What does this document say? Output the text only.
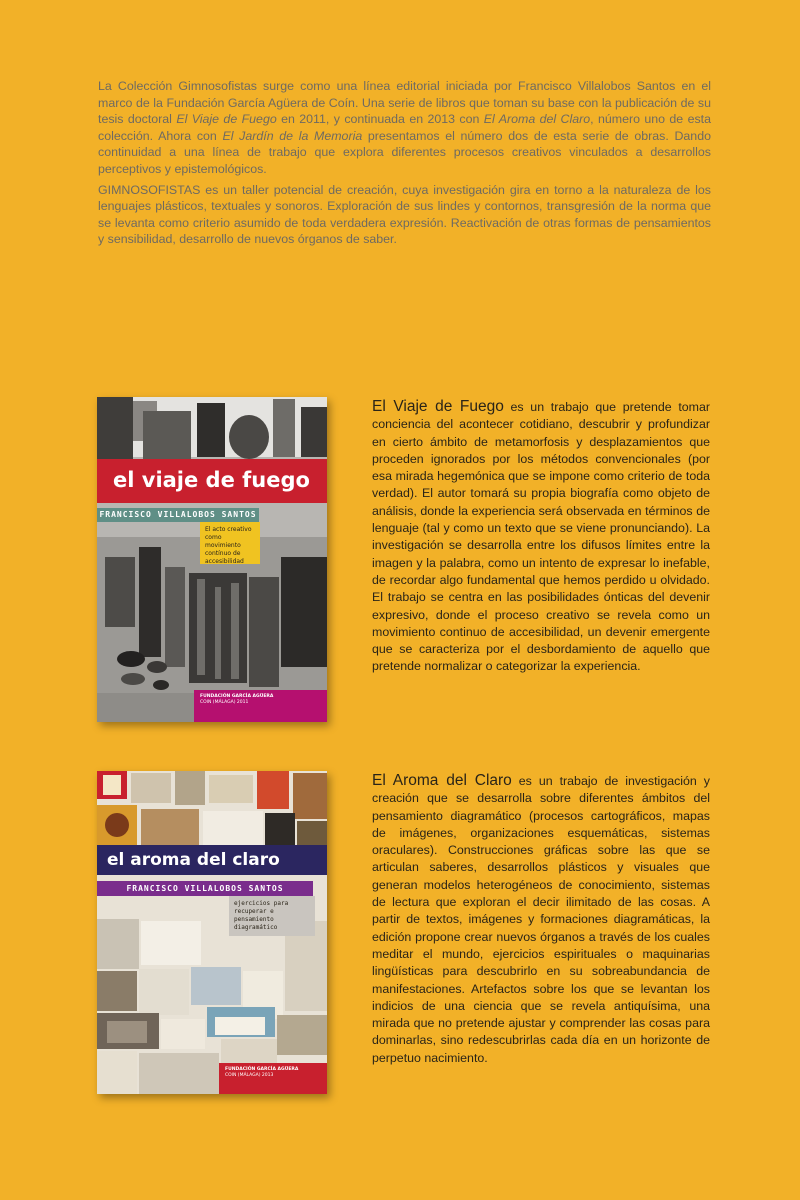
La Colección Gimnosofistas surge como una línea editorial iniciada por Francisco Villalobos Santos en el marco de la Fundación García Agüera de Coín. Una serie de libros que toman su base con la publicación de su tesis doctoral El Viaje de Fuego en 2011, y continuada en 2013 con El Aroma del Claro, número uno de esta colección. Ahora con El Jardín de la Memoria presentamos el número dos de esta serie de obras. Dando continuidad a una línea de trabajo que explora diferentes procesos creativos vinculados a desarrollos perceptivos y epistemológicos.

GIMNOSOFISTAS es un taller potencial de creación, cuya investigación gira en torno a la naturaleza de los lenguajes plásticos, textuales y sonoros. Exploración de sus lindes y contornos, transgresión de la norma que se levanta como criterio asumido de toda verdadera expresión. Reactivación de otras formas de pensamientos y sensibilidad, desarrollo de nuevos órganos de saber.

el viaje de fuego
FRANCISCO VILLALOBOS SANTOS
El acto creativo como movimiento contínuo de accesibilidad
FUNDACIÓN GARCÍA AGÜERA
COIN (MÁLAGA) 2011
El Viaje de Fuego es un trabajo que pretende tomar conciencia del acontecer cotidiano, descubrir y profundizar en cierto ámbito de metamorfosis y desplazamientos que proceden ignorados por los métodos convencionales (por esa mirada hegemónica que se impone como criterio de toda verdad). El autor tomará su propia biografía como objeto de análisis, donde la experiencia será observada en términos de lenguaje (tal y como un texto que se viene pronunciando). La investigación se desarrolla entre los difusos límites entre la imagen y la palabra, como un intento de expresar lo inefable, de recordar algo fundamental que hemos perdido u olvidado. El trabajo se centra en las posibilidades ónticas del devenir expresivo, donde el proceso creativo se revela como un movimiento continuo de accesibilidad, un devenir emergente que se caracteriza por el desbordamiento de aquello que pretende normalizar o categorizar la experiencia.
el aroma del claro
FRANCISCO VILLALOBOS SANTOS
ejercicios para recuperar e pensamiento diagramático
FUNDACIÓN GARCÍA AGÜERA
COIN (MÁLAGA) 2013
El Aroma del Claro es un trabajo de investigación y creación que se desarrolla sobre diferentes ámbitos del pensamiento diagramático (procesos cartográficos, mapas de imágenes, organizaciones esquemáticas, sistemas oraculares). Construcciones gráficas sobre las que se articulan saberes, desarrollos plásticos y visuales que generan modelos heterogéneos de conocimiento, sistemas de lectura que exploran el decir ilimitado de las cosas. A partir de textos, imágenes y formaciones diagramáticas, la edición propone crear nuevos órganos a través de los cuales meditar el mundo, ejercicios espirituales o maquinarias lingüísticas para descubrirlo en su sobreabundancia de manifestaciones. Artefactos sobre los que se levantan los indicios de una ciencia que se revela antiquísima, una mirada que no pretende ajustar y comprender las cosas para dominarlas, sino redescubrirlas cada día en un horizonte de perpetuo nacimiento.
